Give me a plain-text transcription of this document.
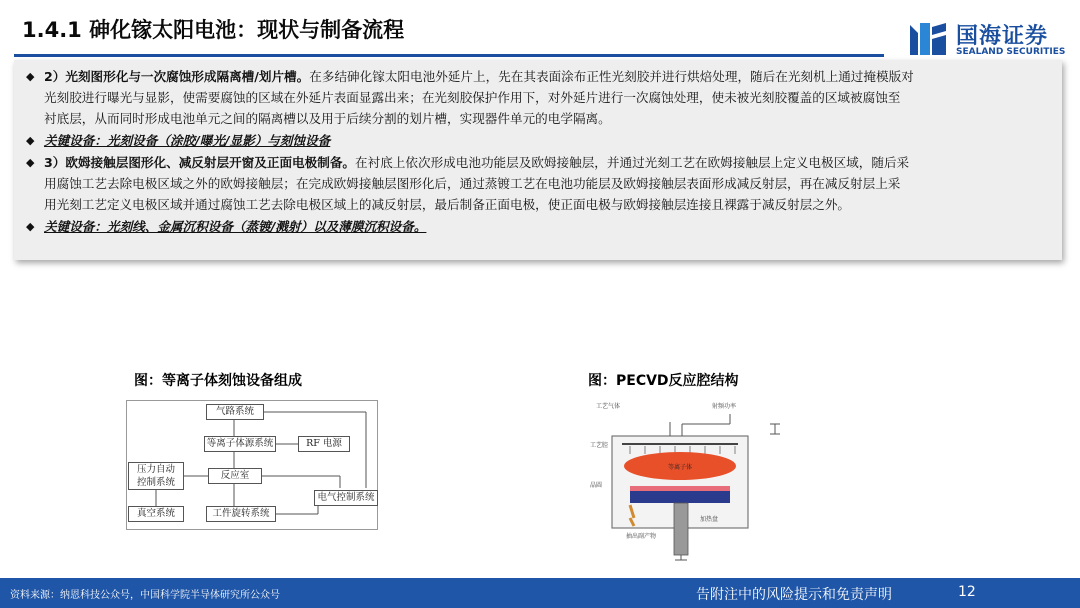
1.4.1 砷化镓太阳电池：现状与制备流程	国海证券
SEALAND SECURITIES
◆ 2）光刻图形化与一次腐蚀形成隔离槽/划片槽。在多结砷化镓太阳电池外延片上，先在其表面涂布正性光刻胶并进行烘焙处理，随后在光刻机上通过掩模版对
光刻胶进行曝光与显影，使需要腐蚀的区域在外延片表面显露出来；在光刻胶保护作用下，对外延片进行一次腐蚀处理，使未被光刻胶覆盖的区域被腐蚀至
衬底层，从而同时形成电池单元之间的隔离槽以及用于后续分割的划片槽，实现器件单元的电学隔离。
◆ 关键设备：光刻设备（涂胶/曝光/显影）与刻蚀设备
◆ 3）欧姆接触层图形化、减反射层开窗及正面电极制备。在衬底上依次形成电池功能层及欧姆接触层，并通过光刻工艺在欧姆接触层上定义电极区域，随后采
用腐蚀工艺去除电极区域之外的欧姆接触层；在完成欧姆接触层图形化后，通过蒸镀工艺在电池功能层及欧姆接触层表面形成减反射层，再在减反射层上采
用光刻工艺定义电极区域并通过腐蚀工艺去除电极区域上的减反射层，最后制备正面电极，使正面电极与欧姆接触层连接且裸露于减反射层之外。
◆ 关键设备：光刻线、金属沉积设备（蒸镀/溅射）以及薄膜沉积设备。
图：等离子体刻蚀设备组成	图：PECVD反应腔结构
气路系统
等离子体源系统	RF 电源
压力自动
控制系统
反应室
电气控制系统
真空系统	工件旋转系统
工艺气体	射频功率
工艺腔
等离子体
晶圆
加热盘
抽出副产物
资料来源：纳恩科技公众号，中国科学院半导体研究所公众号	告附注中的风险提示和免责声明	12
